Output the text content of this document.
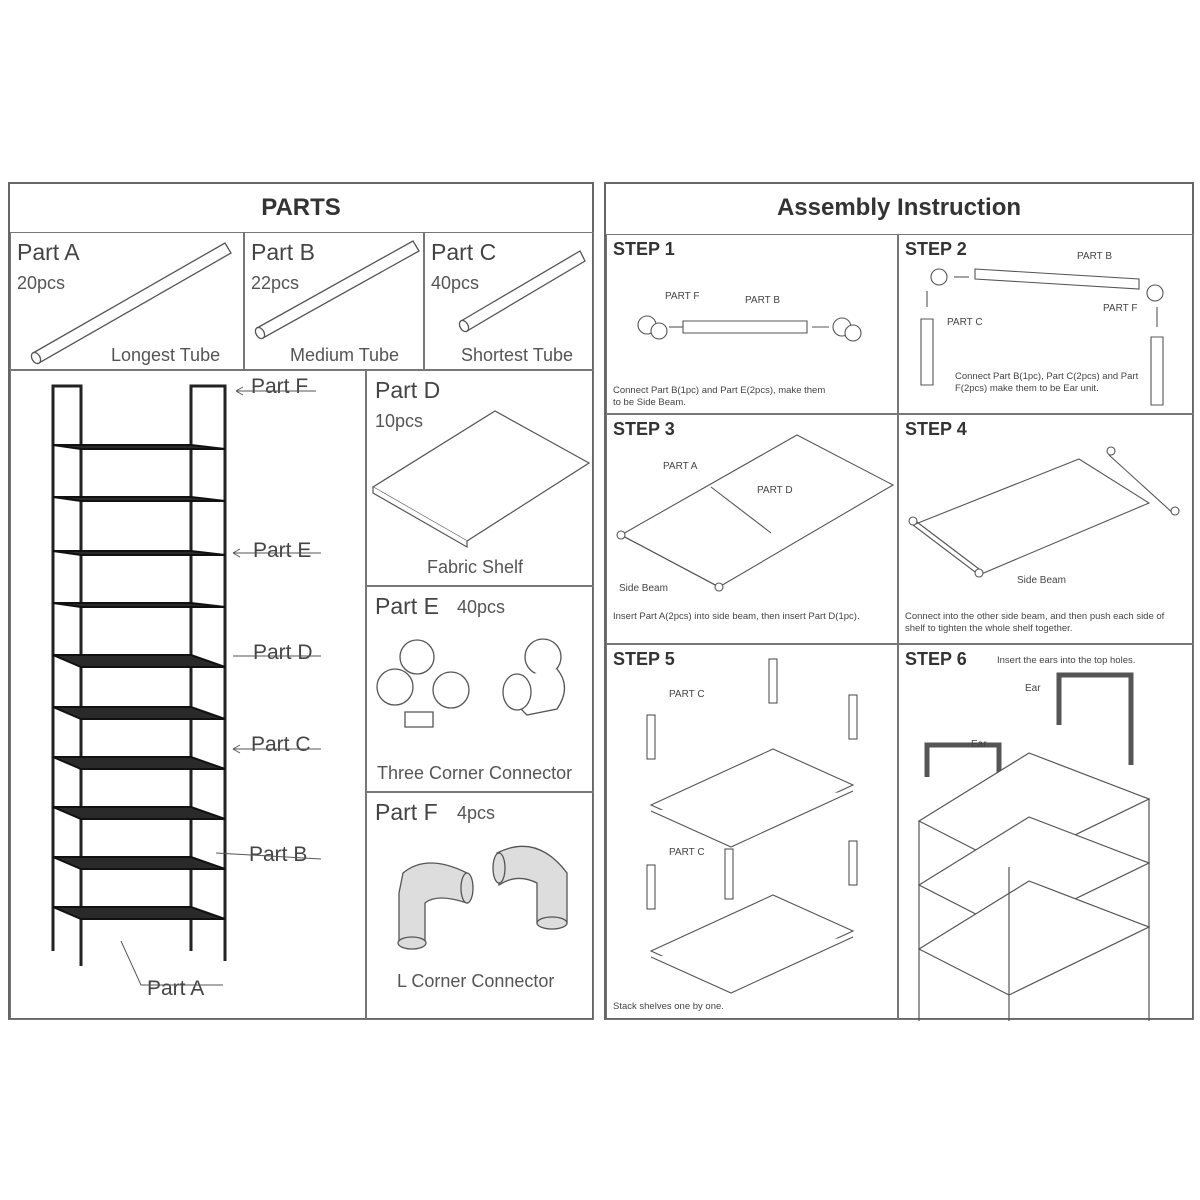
PARTS
Part A
20pcs
Longest Tube
Part B
22pcs
Medium Tube
Part C
40pcs
Shortest Tube
Part F
Part E
Part D
Part C
Part B
Part A
Part D
10pcs
Fabric Shelf
Part E 40pcs
Three Corner Connector
Part F 4pcs
L Corner Connector
Assembly Instruction
STEP 1
PART F	PART B
Connect Part B(1pc) and Part E(2pcs), make them to be Side Beam.
STEP 2	PART B
PART C
PART F
Connect Part B(1pc), Part C(2pcs) and Part F(2pcs) make them to be Ear unit.
STEP 3
PART A
PART D
Side Beam
Insert Part A(2pcs) into side beam, then insert Part D(1pc).
STEP 4
Side Beam
Connect into the other side beam, and then push each side of shelf to tighten the whole shelf together.
STEP 5
PART C
PART C
Stack shelves one by one.
STEP 6	Insert the ears into the top holes.
Ear
Ear
